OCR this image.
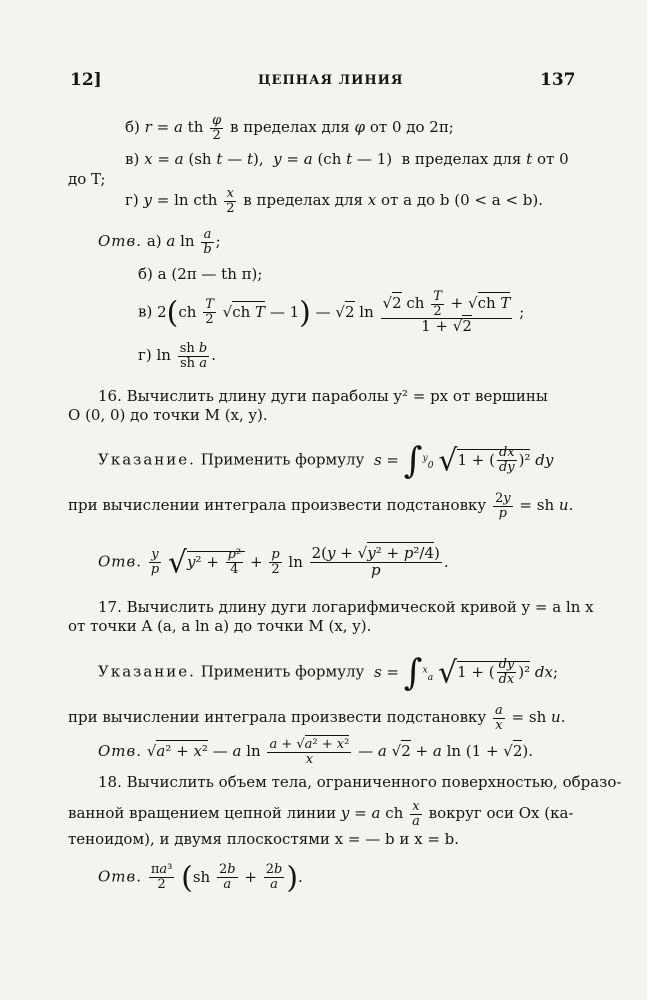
12]	ЦЕПНАЯ ЛИНИЯ	137
б) r = a th $\frac{\varphi}{2}$ в пределах для φ от 0 до 2π;
в) x = a (sh t — t),  y = a (ch t — 1) в пределах для t от 0
до T;
г) y = ln cth $\frac{x}{2}$ в пределах для x от a до b (0 < a < b).
Отв. а) a $\ln \frac{a}{b}$ ;
б) a (2π — th π);
в) $2(ch \frac{T}{2} √ch$ T — 1) — √2 $\ln \frac{√2 ch \frac{T}{2} + √ch T}{1 + √2}$ ;
г) $\ln \frac{\text{sh b}}{\text{sh a}}$ .
16. Вычислить длину дуги параболы y² = px от вершины
O (0, 0) до точки M (x, y).
Указание. Применить формулу s = ∫$^y_0$ √1 + ( $\frac{dx}{dy} )^2$ dy
при вычислении интеграла произвести подстановку $\frac{2y}{p}$ = sh u.
Отв. $\frac{y}{p} √y^2 + \frac{\text{p²}}{4} + \frac{p}{2}$ $\ln \frac{\text{2(y + √y² + p²/4)}}{p}$ .
17. Вычислить длину дуги логарифмической кривой y = a ln x
от точки A (a, a ln a) до точки M (x, y).
Указание. Применить формулу s = ∫$^x_a$ √1 + ( $\frac{dy}{dx} )^2$ dx;
при вычислении интеграла произвести подстановку $\frac{a}{x}$ = sh u.
Отв. √a² + x² — a $\ln \frac{\text{a + √a² + x²}}{x}$ — a √2 + a ln (1 + √2).
18. Вычислить объем тела, ограниченного поверхностью, образо-
ванной вращением цепной линии y = a ch $\frac{x}{a}$ вокруг оси Ox (ка-
теноидом), и двумя плоскостями x = — b и x = b.
Отв. $\frac{\text{πa³}}{2} (sh \frac{2b}{a} + \frac{2b}{a}$ ).
